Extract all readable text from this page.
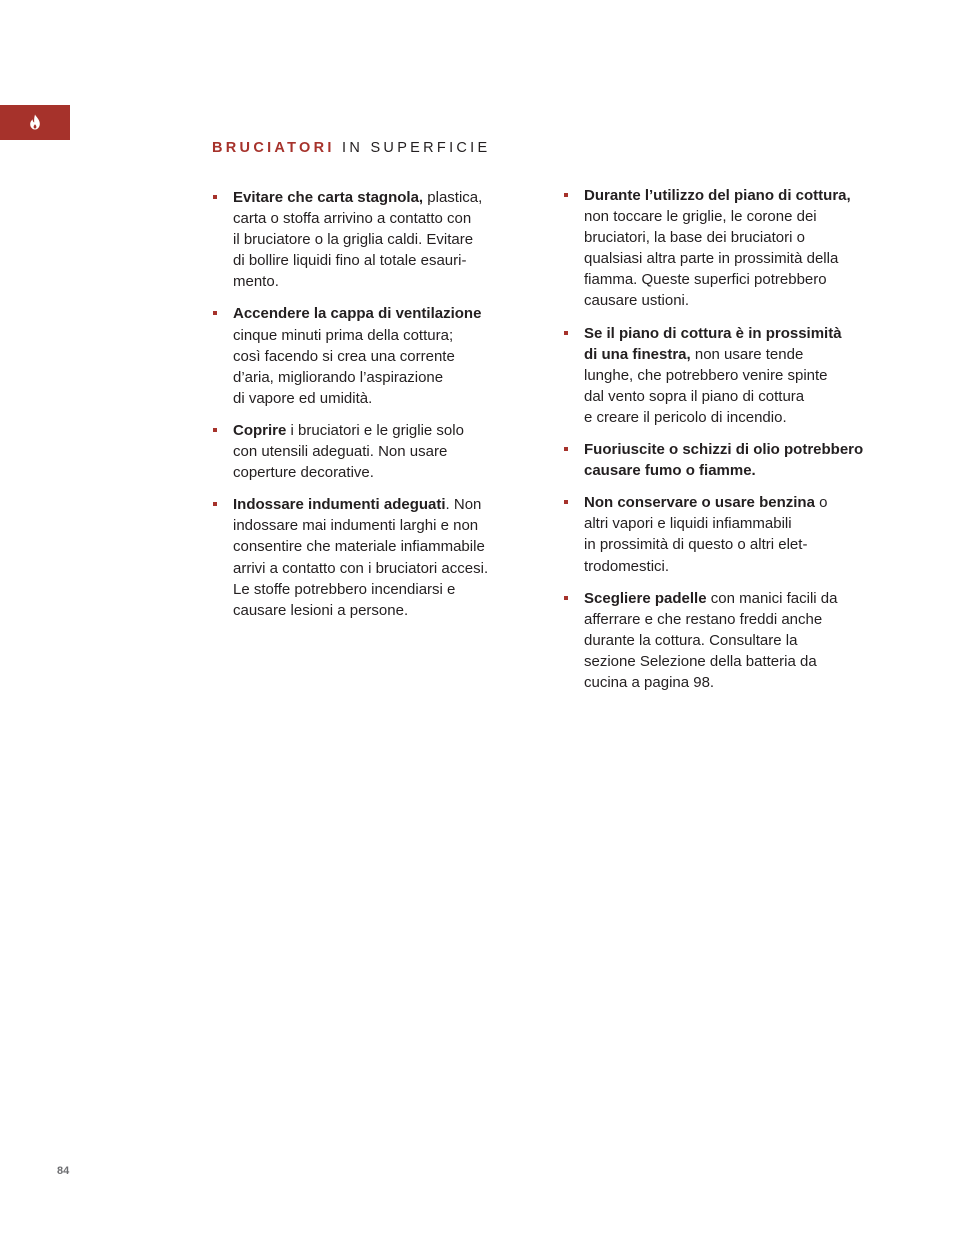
BRUCIATORI IN SUPERFICIE
Evitare che carta stagnola, plastica,
carta o stoffa arrivino a contatto con
il bruciatore o la griglia caldi. Evitare
di bollire liquidi fino al totale esauri-
mento.
Accendere la cappa di ventilazione
cinque minuti prima della cottura;
così facendo si crea una corrente
d’aria, migliorando l’aspirazione
di vapore ed umidità.
Coprire i bruciatori e le griglie solo
con utensili adeguati. Non usare
coperture decorative.
Indossare indumenti adeguati. Non
indossare mai indumenti larghi e non
consentire che materiale infiammabile
arrivi a contatto con i bruciatori accesi.
Le stoffe potrebbero incendiarsi e
causare lesioni a persone.
Durante l’utilizzo del piano di cottura,
non toccare le griglie, le corone dei
bruciatori, la base dei bruciatori o
qualsiasi altra parte in prossimità della
fiamma. Queste superfici potrebbero
causare ustioni.
Se il piano di cottura è in prossimità
di una finestra, non usare tende
lunghe, che potrebbero venire spinte
dal vento sopra il piano di cottura
e creare il pericolo di incendio.
Fuoriuscite o schizzi di olio potrebbero
causare fumo o fiamme.
Non conservare o usare benzina o
altri vapori e liquidi infiammabili
in prossimità di questo o altri elet-
trodomestici.
Scegliere padelle con manici facili da
afferrare e che restano freddi anche
durante la cottura. Consultare la
sezione Selezione della batteria da
cucina a pagina 98.
84
